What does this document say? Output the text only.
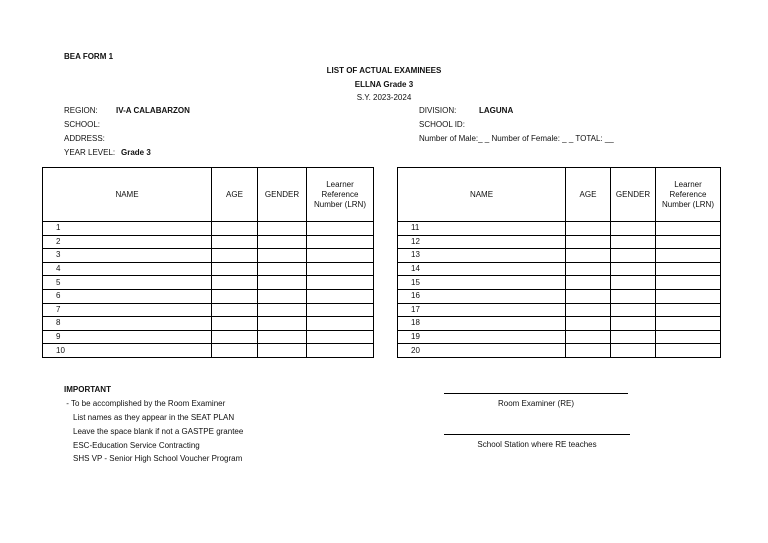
BEA FORM 1
LIST OF ACTUAL EXAMINEES
ELLNA Grade 3
S.Y. 2023-2024
REGION: IV-A CALABARZON
SCHOOL:
ADDRESS:
YEAR LEVEL: Grade 3
DIVISION:	LAGUNA
SCHOOL ID:
Number of Male:_ _ Number of Female: _ _ TOTAL: __
NAME	AGE	GENDER	Learner Reference Number (LRN)
1			
2			
3			
4			
5			
6			
7			
8			
9			
10			
NAME	AGE	GENDER	Learner Reference Number (LRN)
11			
12			
13			
14			
15			
16			
17			
18			
19			
20			
IMPORTANT
- To be accomplished by the Room Examiner
List names as they appear in the SEAT PLAN
Leave the space blank if not a GASTPE grantee
ESC-Education Service Contracting
SHS VP - Senior High School Voucher Program
Room Examiner (RE)
School Station where RE teaches
